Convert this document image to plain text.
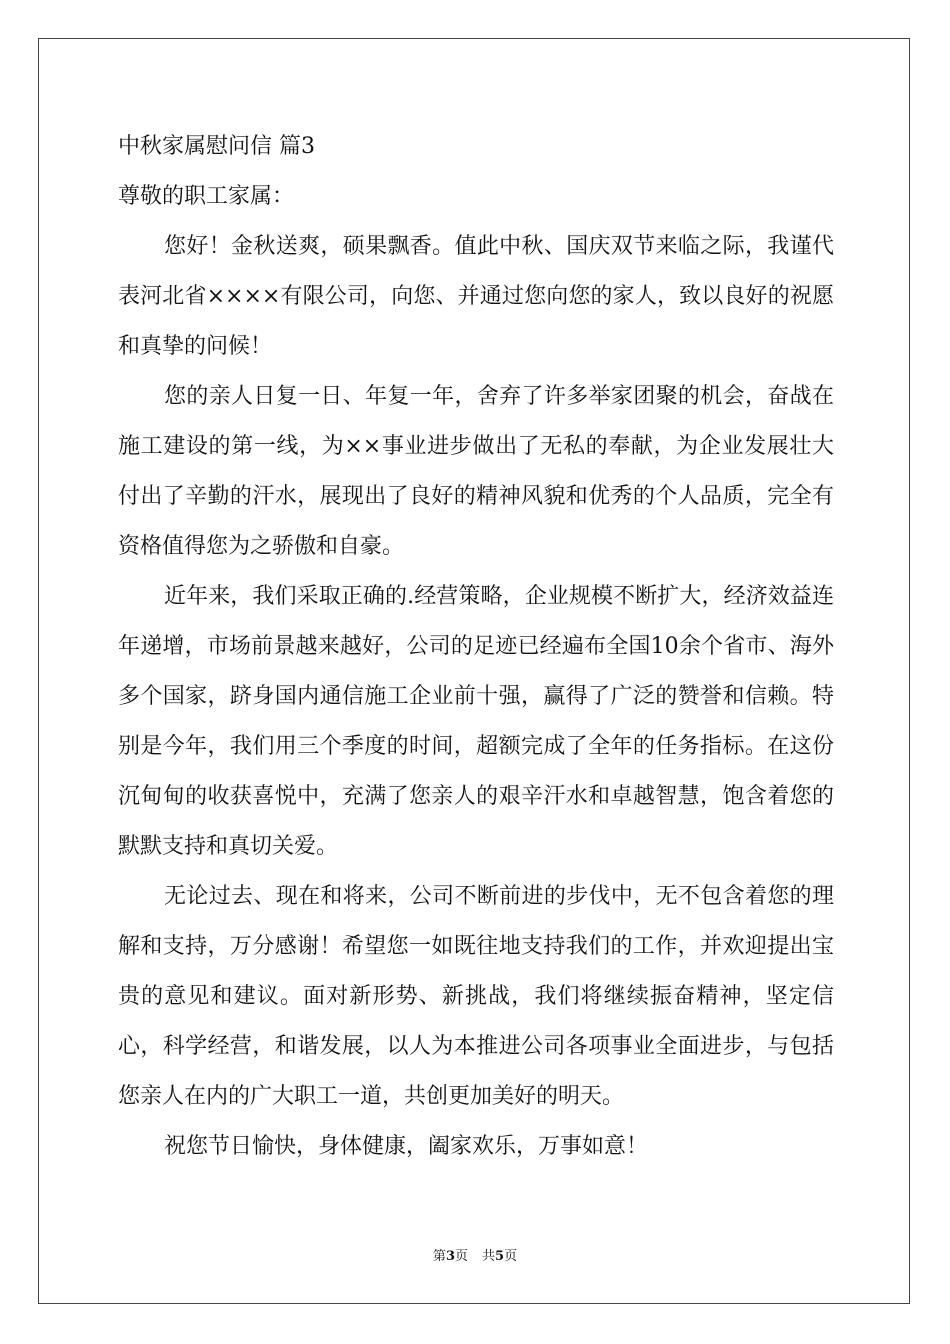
中秋家属慰问信 篇3

尊敬的职工家属：

您好！金秋送爽，硕果飘香。值此中秋、国庆双节来临之际，我谨代表河北省××××有限公司，向您、并通过您向您的家人，致以良好的祝愿和真挚的问候！

您的亲人日复一日、年复一年，舍弃了许多举家团聚的机会，奋战在施工建设的第一线，为××事业进步做出了无私的奉献，为企业发展壮大付出了辛勤的汗水，展现出了良好的精神风貌和优秀的个人品质，完全有资格值得您为之骄傲和自豪。

近年来，我们采取正确的.经营策略，企业规模不断扩大，经济效益连年递增，市场前景越来越好，公司的足迹已经遍布全国10余个省市、海外多个国家，跻身国内通信施工企业前十强，赢得了广泛的赞誉和信赖。特别是今年，我们用三个季度的时间，超额完成了全年的任务指标。在这份沉甸甸的收获喜悦中，充满了您亲人的艰辛汗水和卓越智慧，饱含着您的默默支持和真切关爱。

无论过去、现在和将来，公司不断前进的步伐中，无不包含着您的理解和支持，万分感谢！希望您一如既往地支持我们的工作，并欢迎提出宝贵的意见和建议。面对新形势、新挑战，我们将继续振奋精神，坚定信心，科学经营，和谐发展，以人为本推进公司各项事业全面进步，与包括您亲人在内的广大职工一道，共创更加美好的明天。

祝您节日愉快，身体健康，阖家欢乐，万事如意！

第3页 共5页
